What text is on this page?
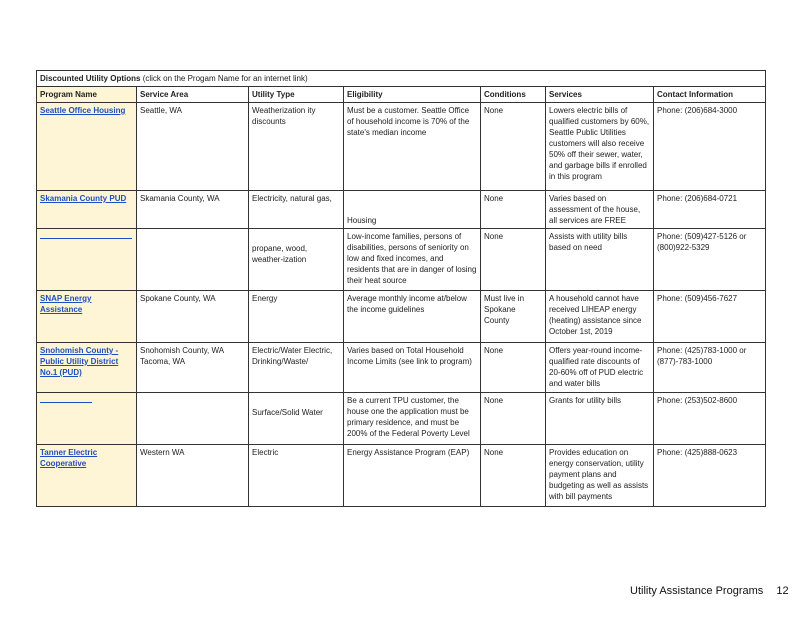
Discounted Utility Options (click on the Progam Name for an internet link)						
Program Name	Service Area	Utility Type	Eligibility	Conditions	Services	Contact Information
Seattle Office Housing	Seattle, WA	Weatherization ity discounts	Must be a customer. Seattle Office of household income is 70% of the state's median income	None	Lowers electric bills of qualified customers by 60%, Seattle Public Utilities customers will also receive 50% off their sewer, water, and garbage bills if enrolled in this program	Phone: (206)684-3000
Skamania County PUD	Skamania County, WA	Electricity, natural gas,	Housing	None	Varies based on assessment of the house, all services are FREE	Phone: (206)684-0721
		propane, wood, weather-ization	Low-income families, persons of disabilities, persons of seniority on low and fixed incomes, and residents that are in danger of losing their heat source	None	Assists with utility bills based on need	Phone: (509)427-5126 or (800)922-5329
SNAP Energy Assistance	Spokane County, WA	Energy	Average monthly income at/below the income guidelines	Must live in Spokane County	A household cannot have received LIHEAP energy (heating) assistance since October 1st, 2019	Phone: (509)456-7627
Snohomish County - Public Utility District No.1 (PUD)	Snohomish County, WA Tacoma, WA	Electric/Water Electric, Drinking/Waste/	Varies based on Total Household Income Limits (see link to program)	None	Offers year-round income-qualified rate discounts of 20-60% off of PUD electric and water bills	Phone: (425)783-1000 or (877)-783-1000
		Surface/Solid Water	Be a current TPU customer, the house one the application must be primary residence, and must be 200% of the Federal Poverty Level	None	Grants for utility bills	Phone: (253)502-8600
Tanner Electric Cooperative	Western WA	Electric	Energy Assistance Program (EAP)	None	Provides education on energy conservation, utility payment plans and budgeting as well as assists with bill payments	Phone: (425)888-0623
Utility Assistance Programs 12
